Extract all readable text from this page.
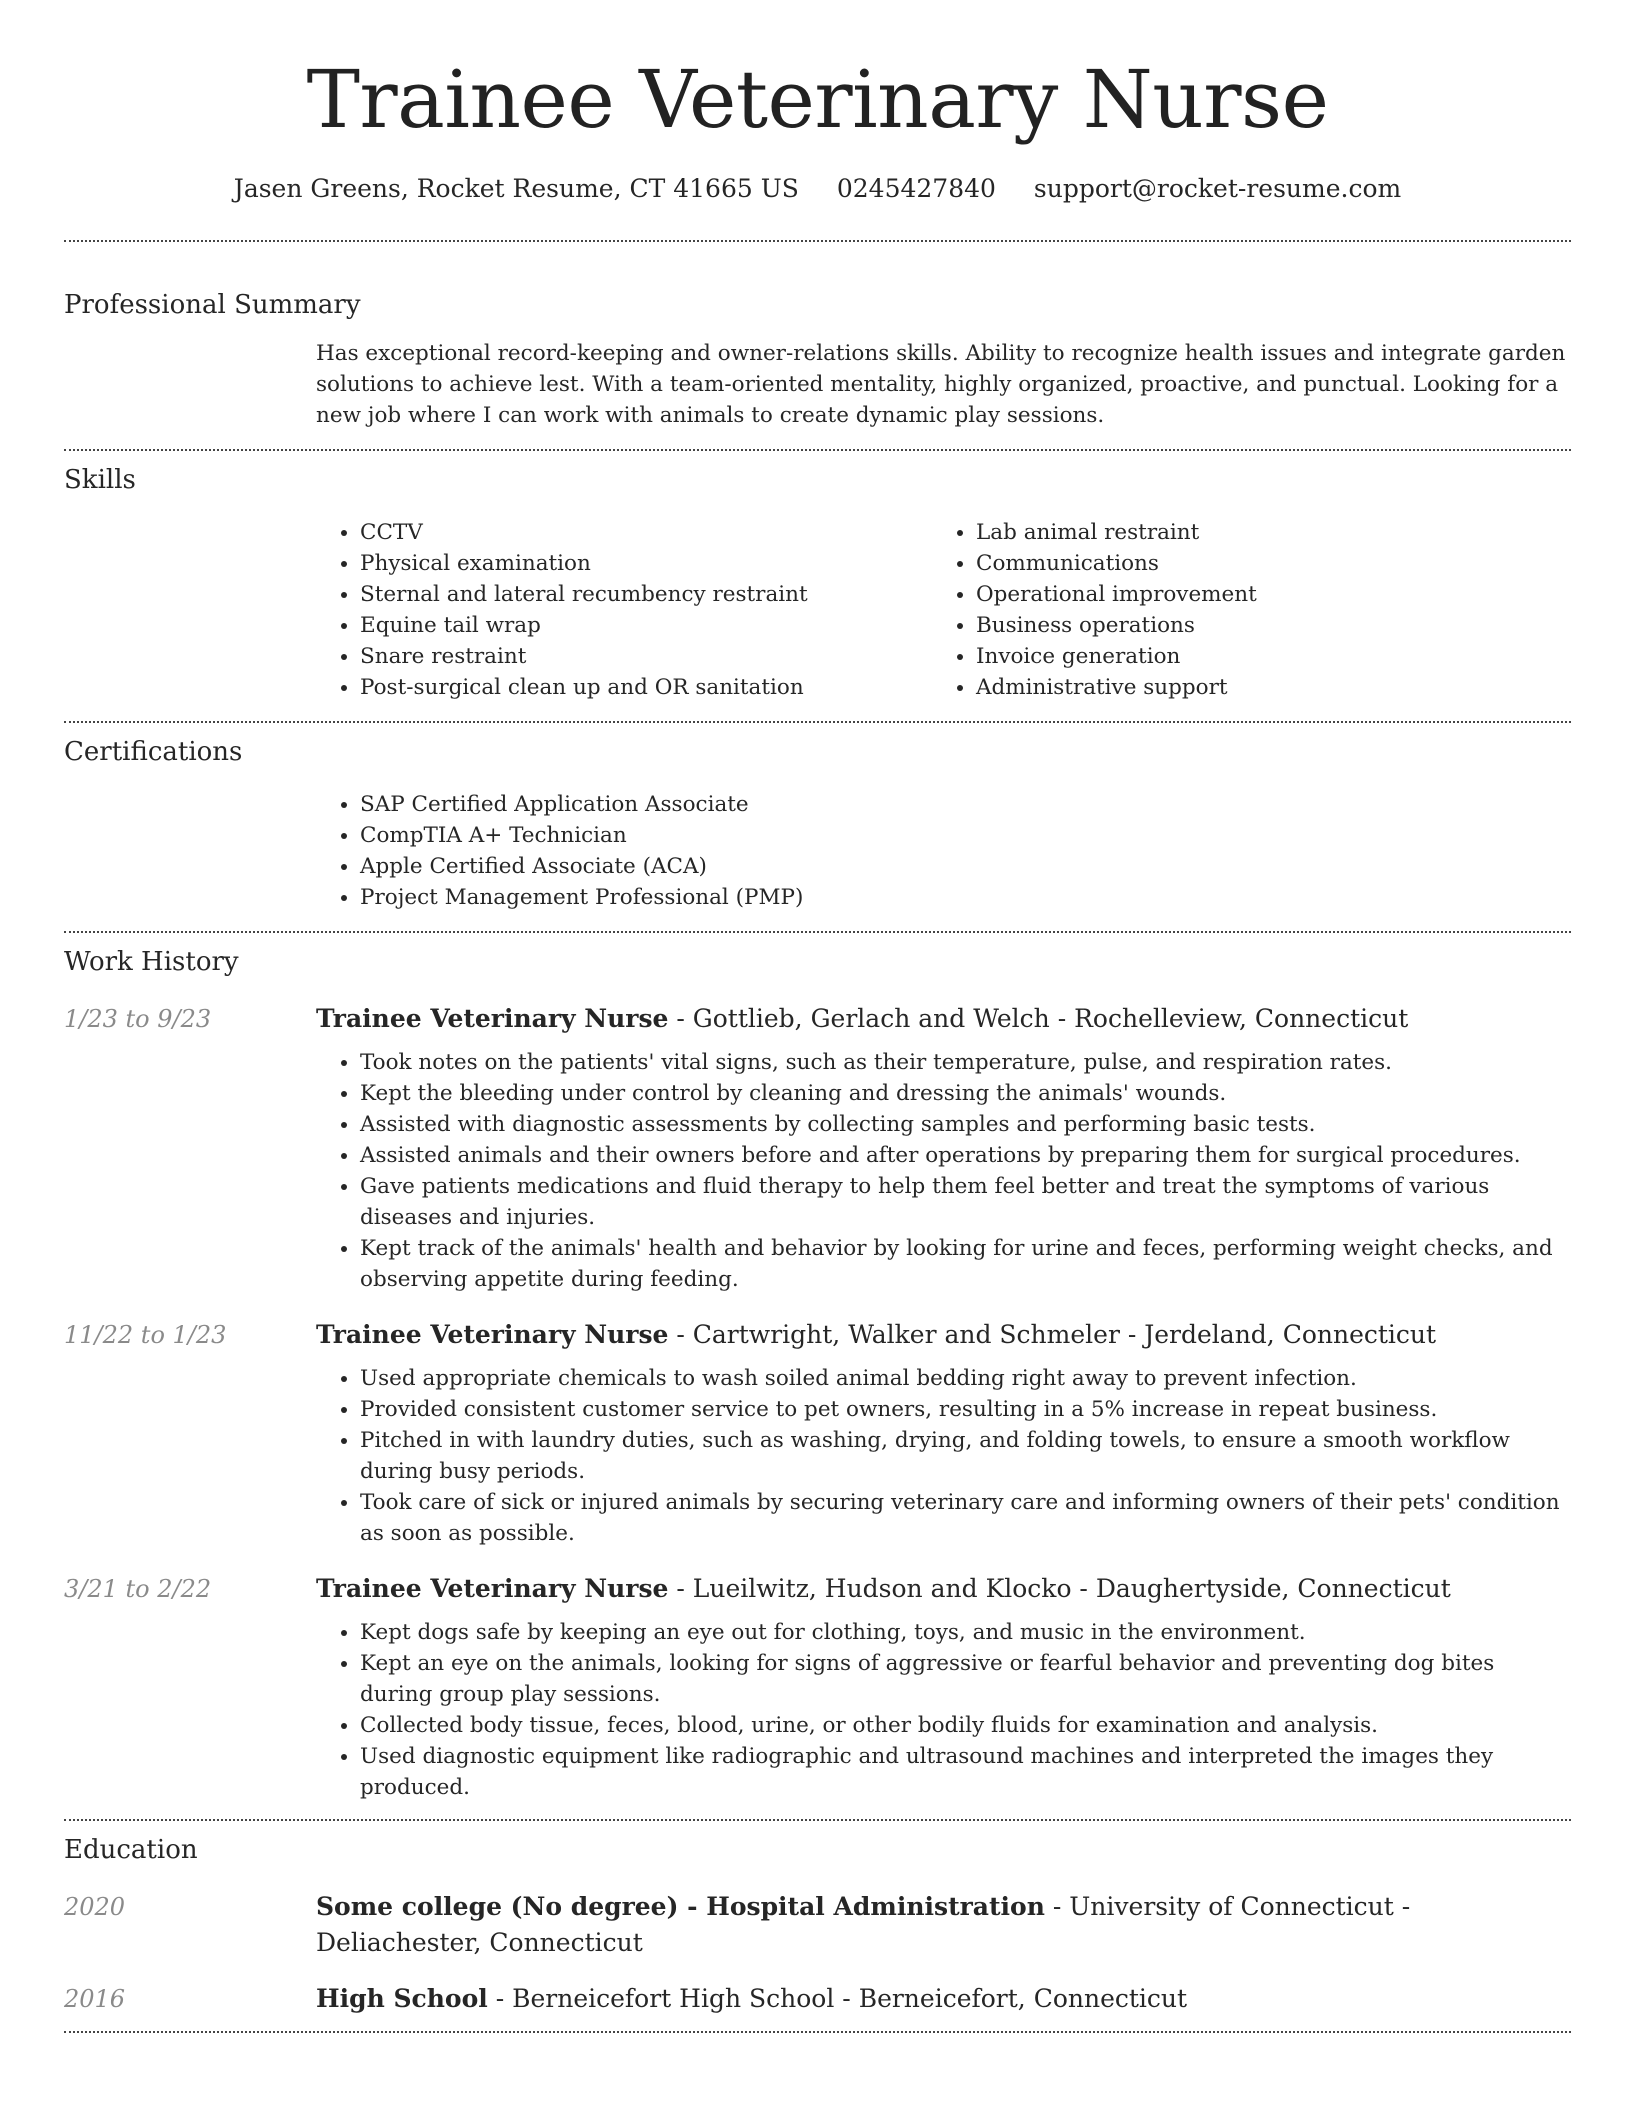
Trainee Veterinary Nurse
Jasen Greens, Rocket Resume, CT 41665 US 0245427840 support@rocket-resume.com
Professional Summary
Has exceptional record-keeping and owner-relations skills. Ability to recognize health issues and integrate garden solutions to achieve lest. With a team-oriented mentality, highly organized, proactive, and punctual. Looking for a new job where I can work with animals to create dynamic play sessions.
Skills
• CCTV
• Physical examination
• Sternal and lateral recumbency restraint
• Equine tail wrap
• Snare restraint
• Post-surgical clean up and OR sanitation
• Lab animal restraint
• Communications
• Operational improvement
• Business operations
• Invoice generation
• Administrative support
Certifications
• SAP Certified Application Associate
• CompTIA A+ Technician
• Apple Certified Associate (ACA)
• Project Management Professional (PMP)
Work History
1/23 to 9/23	Trainee Veterinary Nurse - Gottlieb, Gerlach and Welch - Rochelleview, Connecticut
• Took notes on the patients' vital signs, such as their temperature, pulse, and respiration rates.
• Kept the bleeding under control by cleaning and dressing the animals' wounds.
• Assisted with diagnostic assessments by collecting samples and performing basic tests.
• Assisted animals and their owners before and after operations by preparing them for surgical procedures.
• Gave patients medications and fluid therapy to help them feel better and treat the symptoms of various diseases and injuries.
• Kept track of the animals' health and behavior by looking for urine and feces, performing weight checks, and observing appetite during feeding.
11/22 to 1/23	Trainee Veterinary Nurse - Cartwright, Walker and Schmeler - Jerdeland, Connecticut
• Used appropriate chemicals to wash soiled animal bedding right away to prevent infection.
• Provided consistent customer service to pet owners, resulting in a 5% increase in repeat business.
• Pitched in with laundry duties, such as washing, drying, and folding towels, to ensure a smooth workflow during busy periods.
• Took care of sick or injured animals by securing veterinary care and informing owners of their pets' condition as soon as possible.
3/21 to 2/22	Trainee Veterinary Nurse - Lueilwitz, Hudson and Klocko - Daughertyside, Connecticut
• Kept dogs safe by keeping an eye out for clothing, toys, and music in the environment.
• Kept an eye on the animals, looking for signs of aggressive or fearful behavior and preventing dog bites during group play sessions.
• Collected body tissue, feces, blood, urine, or other bodily fluids for examination and analysis.
• Used diagnostic equipment like radiographic and ultrasound machines and interpreted the images they produced.
Education
2020	Some college (No degree) - Hospital Administration - University of Connecticut - Deliachester, Connecticut
2016	High School - Berneicefort High School - Berneicefort, Connecticut
